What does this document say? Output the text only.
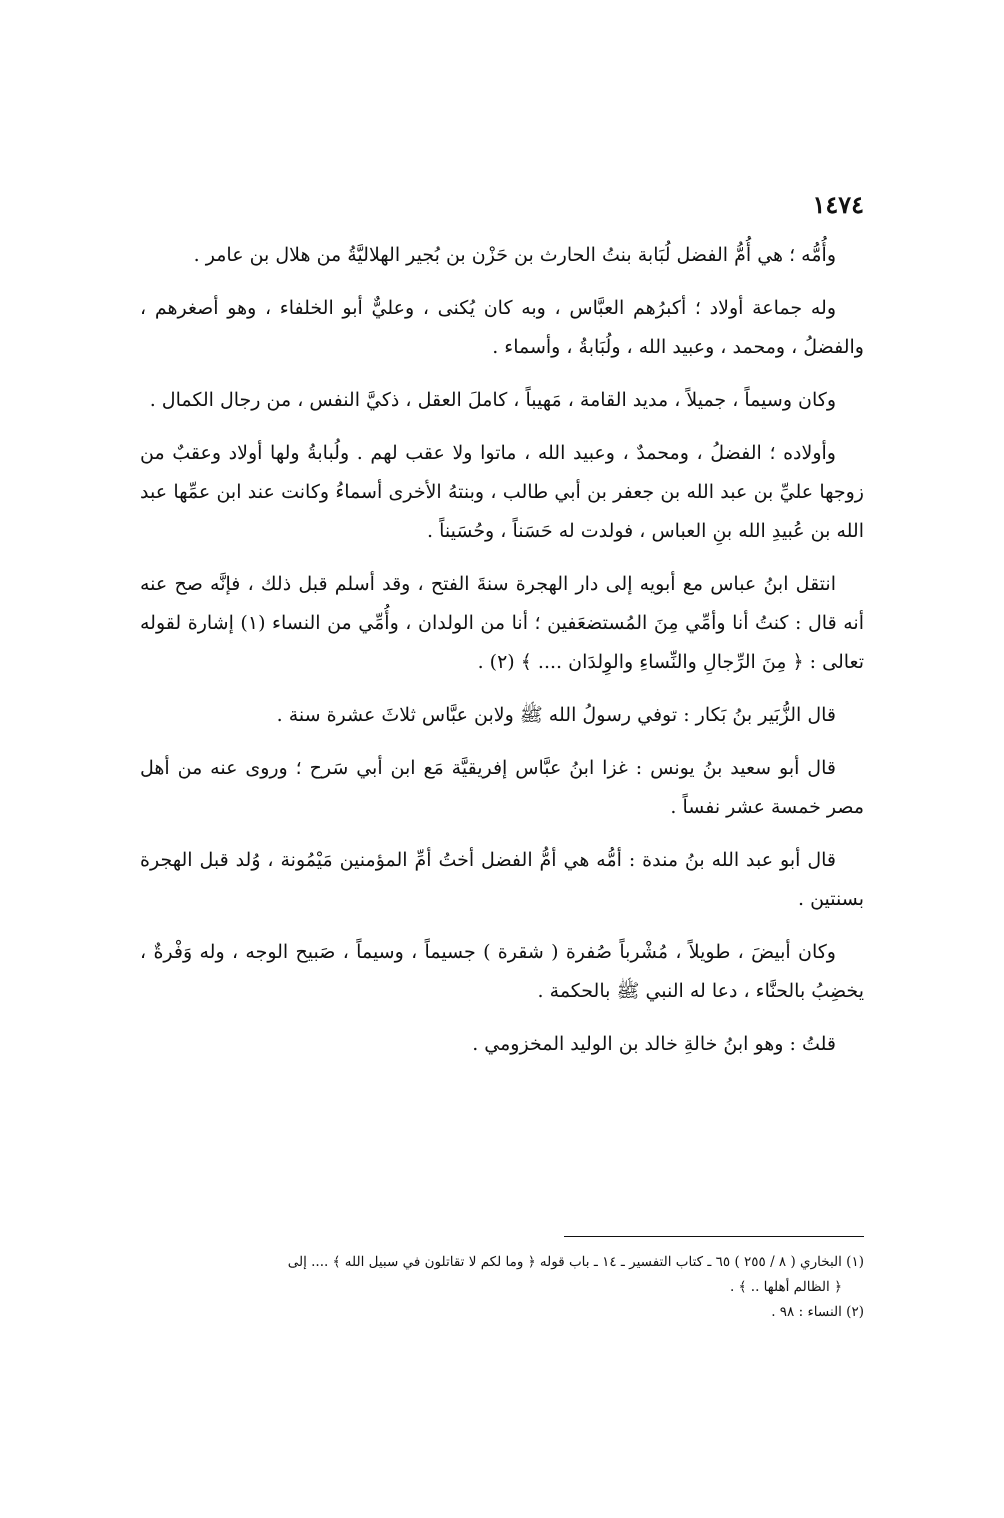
١٤٧٤

وأُمُّه ؛ هي أُمُّ الفضل لُبَابة بنتُ الحارث بن حَزْن بن بُجير الهلاليَّةُ من هلال بن عامر .

وله جماعة أولاد ؛ أكبرُهم العبَّاس ، وبه كان يُكنى ، وعليٌّ أبو الخلفاء ، وهو أصغرهم ، والفضلُ ، ومحمد ، وعبيد الله ، ولُبَابةُ ، وأسماء .

وكان وسيماً ، جميلاً ، مديد القامة ، مَهيباً ، كاملَ العقل ، ذكيَّ النفس ، من رجال الكمال .

وأولاده ؛ الفضلُ ، ومحمدٌ ، وعبيد الله ، ماتوا ولا عقب لهم . ولُبابةُ ولها أولاد وعقبٌ من زوجها عليِّ بن عبد الله بن جعفر بن أبي طالب ، وبنتهُ الأخرى أسماءُ وكانت عند ابن عمِّها عبد الله بن عُبيدِ الله بنِ العباس ، فولدت له حَسَناً ، وحُسَيناً .

انتقل ابنُ عباس مع أبويه إلى دار الهجرة سنةَ الفتح ، وقد أسلم قبل ذلك ، فإنَّه صح عنه أنه قال : كنتُ أنا وأمِّي مِنَ المُستضعَفين ؛ أنا من الولدان ، وأُمِّي من النساء (١) إشارة لقوله تعالى : ﴿ مِنَ الرِّجالِ والنِّساءِ والوِلدَان .... ﴾ (٢) .

قال الزُّبَير بنُ بَكار : توفي رسولُ الله ﷺ ولابن عبَّاس ثلاثَ عشرة سنة .

قال أبو سعيد بنُ يونس : غزا ابنُ عبَّاس إفريقيَّة مَع ابن أبي سَرح ؛ وروى عنه من أهل مصر خمسة عشر نفساً .

قال أبو عبد الله بنُ مندة : أمُّه هي أمُّ الفضل أختُ أمِّ المؤمنين مَيْمُونة ، وُلد قبل الهجرة بسنتين .

وكان أبيضَ ، طويلاً ، مُشْرباً صُفرة ( شقرة ) جسيماً ، وسيماً ، صَبيح الوجه ، وله وَفْرةٌ ، يخضِبُ بالحنَّاء ، دعا له النبي ﷺ بالحكمة .

قلتُ : وهو ابنُ خالةِ خالد بن الوليد المخزومي .

(١) البخاري ( ٨ / ٢٥٥ ) ٦٥ ـ كتاب التفسير ـ ١٤ ـ باب قوله ﴿ وما لكم لا تقاتلون في سبيل الله ﴾ .... إلى

﴿ الظالم أهلها .. ﴾ .

(٢) النساء : ٩٨ .
